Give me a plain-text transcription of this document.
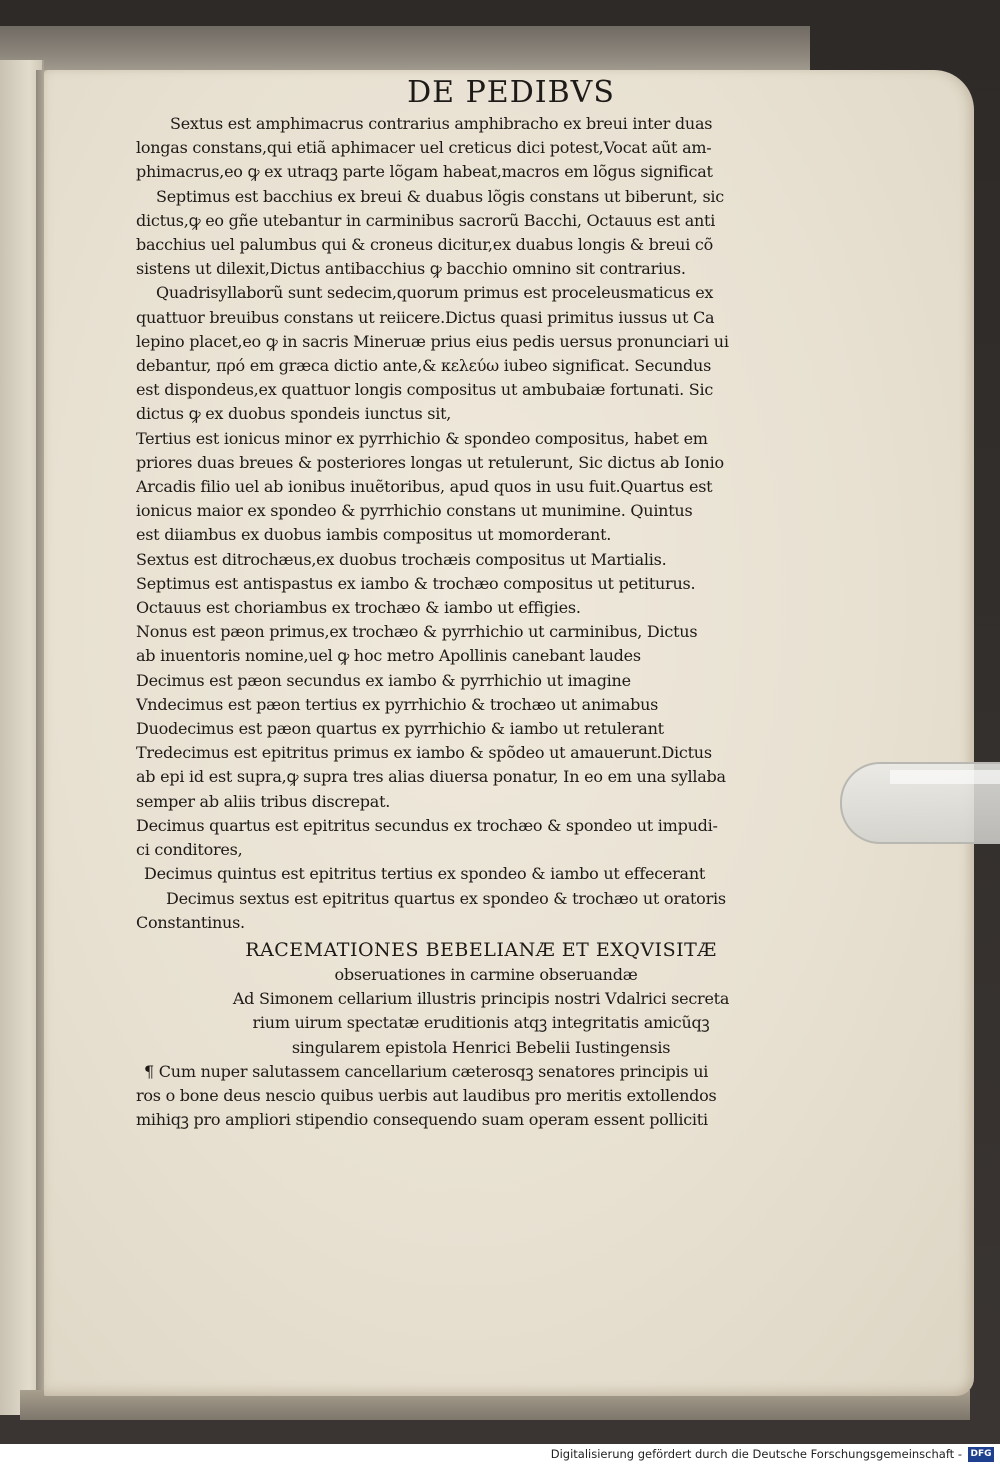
DE PEDIBVS
Sextus est amphimacrus contrarius amphibracho ex breui inter duas
longas constans,qui etiã aphimacer uel creticus dici potest,Vocat aũt am-
phimacrus,eo ꝙ ex utraqꝫ parte lõgam habeat,macros em lõgus significat
Septimus est bacchius ex breui & duabus lõgis constans ut biberunt, sic
dictus,ꝙ eo gñe utebantur in carminibus sacrorũ Bacchi, Octauus est anti
bacchius uel palumbus qui & croneus dicitur,ex duabus longis & breui cõ
sistens ut dilexit,Dictus antibacchius ꝙ bacchio omnino sit contrarius.
Quadrisyllaborũ sunt sedecim,quorum primus est proceleusmaticus ex
quattuor breuibus constans ut reiicere.Dictus quasi primitus iussus ut Ca
lepino placet,eo ꝙ in sacris Mineruæ prius eius pedis uersus pronunciari ui
debantur, πρό em græca dictio ante,& κελεύω iubeo significat. Secundus
est dispondeus,ex quattuor longis compositus ut ambubaiæ fortunati. Sic
dictus ꝙ ex duobus spondeis iunctus sit,
Tertius est ionicus minor ex pyrrhichio & spondeo compositus, habet em
priores duas breues & posteriores longas ut retulerunt, Sic dictus ab Ionio
Arcadis filio uel ab ionibus inuẽtoribus, apud quos in usu fuit.Quartus est
ionicus maior ex spondeo & pyrrhichio constans ut munimine. Quintus
est diiambus ex duobus iambis compositus ut momorderant.
Sextus est ditrochæus,ex duobus trochæis compositus ut Martialis.
Septimus est antispastus ex iambo & trochæo compositus ut petiturus.
Octauus est choriambus ex trochæo & iambo ut effigies.
Nonus est pæon primus,ex trochæo & pyrrhichio ut carminibus, Dictus
ab inuentoris nomine,uel ꝙ hoc metro Apollinis canebant laudes
Decimus est pæon secundus ex iambo & pyrrhichio ut imagine
Vndecimus est pæon tertius ex pyrrhichio & trochæo ut animabus
Duodecimus est pæon quartus ex pyrrhichio & iambo ut retulerant
Tredecimus est epitritus primus ex iambo & spõdeo ut amauerunt.Dictus
ab epi id est supra,ꝙ supra tres alias diuersa ponatur, In eo em una syllaba
semper ab aliis tribus discrepat.
Decimus quartus est epitritus secundus ex trochæo & spondeo ut impudi-
ci conditores,
Decimus quintus est epitritus tertius ex spondeo & iambo ut effecerant
Decimus sextus est epitritus quartus ex spondeo & trochæo ut oratoris
Constantinus.
RACEMATIONES BEBELIANÆ ET EXQVISITÆ
obseruationes in carmine obseruandæ
Ad Simonem cellarium illustris principis nostri Vdalrici secreta
rium uirum spectatæ eruditionis atqꝫ integritatis amicũqꝫ
singularem epistola Henrici Bebelii Iustingensis
¶ Cum nuper salutassem cancellarium cæterosqꝫ senatores principis ui
ros o bone deus nescio quibus uerbis aut laudibus pro meritis extollendos
mihiqꝫ pro ampliori stipendio consequendo suam operam essent polliciti
Digitalisierung gefördert durch die Deutsche Forschungsgemeinschaft - DFG
